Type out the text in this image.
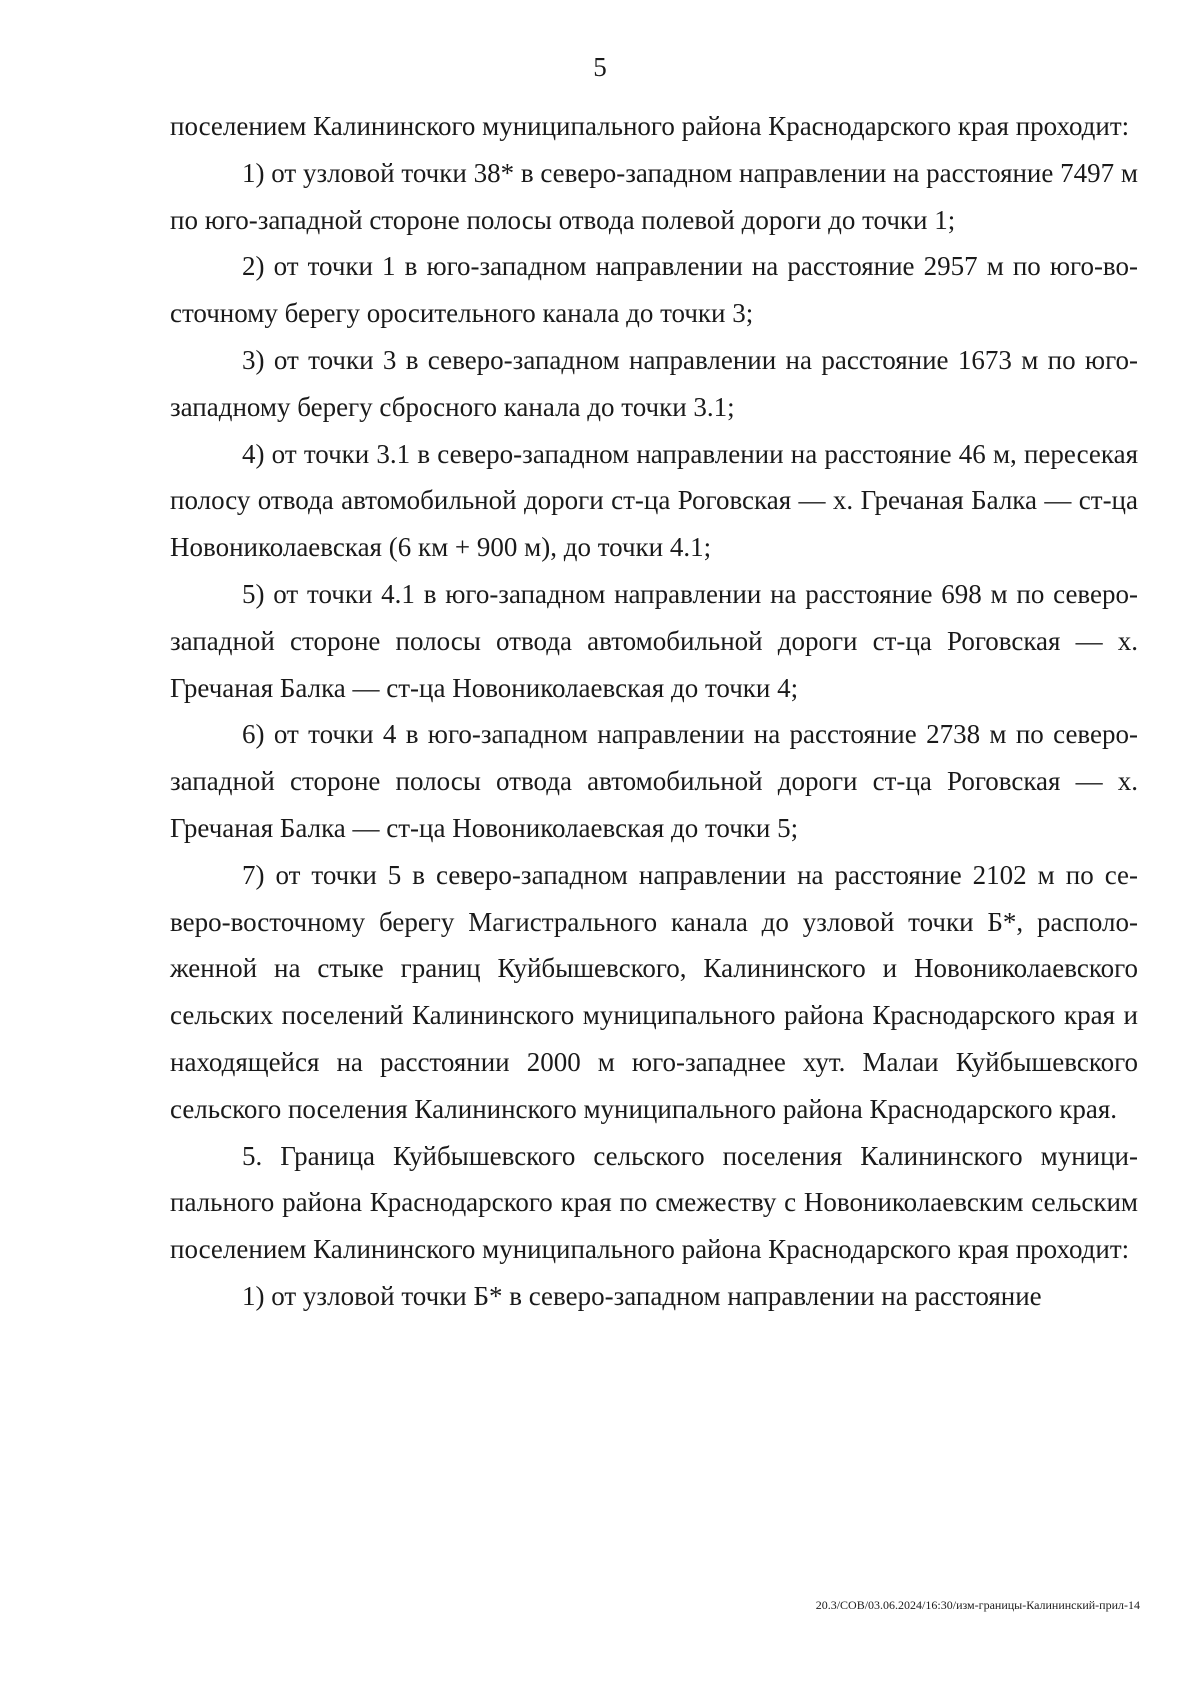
5

поселением Калининского муниципального района Краснодарского края проходит:

1) от узловой точки 38* в северо-западном направлении на расстояние 7497 м по юго-западной стороне полосы отвода полевой дороги до точки 1;

2) от точки 1 в юго-западном направлении на расстояние 2957 м по юго-восточному берегу оросительного канала до точки 3;

3) от точки 3 в северо-западном направлении на расстояние 1673 м по юго-западному берегу сбросного канала до точки 3.1;

4) от точки 3.1 в северо-западном направлении на расстояние 46 м, пересекая полосу отвода автомобильной дороги ст-ца Роговская — х. Гречаная Балка — ст-ца Новониколаевская (6 км + 900 м), до точки 4.1;

5) от точки 4.1 в юго-западном направлении на расстояние 698 м по северо-западной стороне полосы отвода автомобильной дороги ст-ца Роговская — х. Гречаная Балка — ст-ца Новониколаевская до точки 4;

6) от точки 4 в юго-западном направлении на расстояние 2738 м по северо-западной стороне полосы отвода автомобильной дороги ст-ца Роговская — х. Гречаная Балка — ст-ца Новониколаевская до точки 5;

7) от точки 5 в северо-западном направлении на расстояние 2102 м по северо-восточному берегу Магистрального канала до узловой точки Б*, расположенной на стыке границ Куйбышевского, Калининского и Новониколаевского сельских поселений Калининского муниципального района Краснодарского края и находящейся на расстоянии 2000 м юго-западнее хут. Малаи Куйбышевского сельского поселения Калининского муниципального района Краснодарского края.

5. Граница Куйбышевского сельского поселения Калининского муниципального района Краснодарского края по смежеству с Новониколаевским сельским поселением Калининского муниципального района Краснодарского края проходит:

1) от узловой точки Б* в северо-западном направлении на расстояние

20.3/СОВ/03.06.2024/16:30/изм-границы-Калининский-прил-14
